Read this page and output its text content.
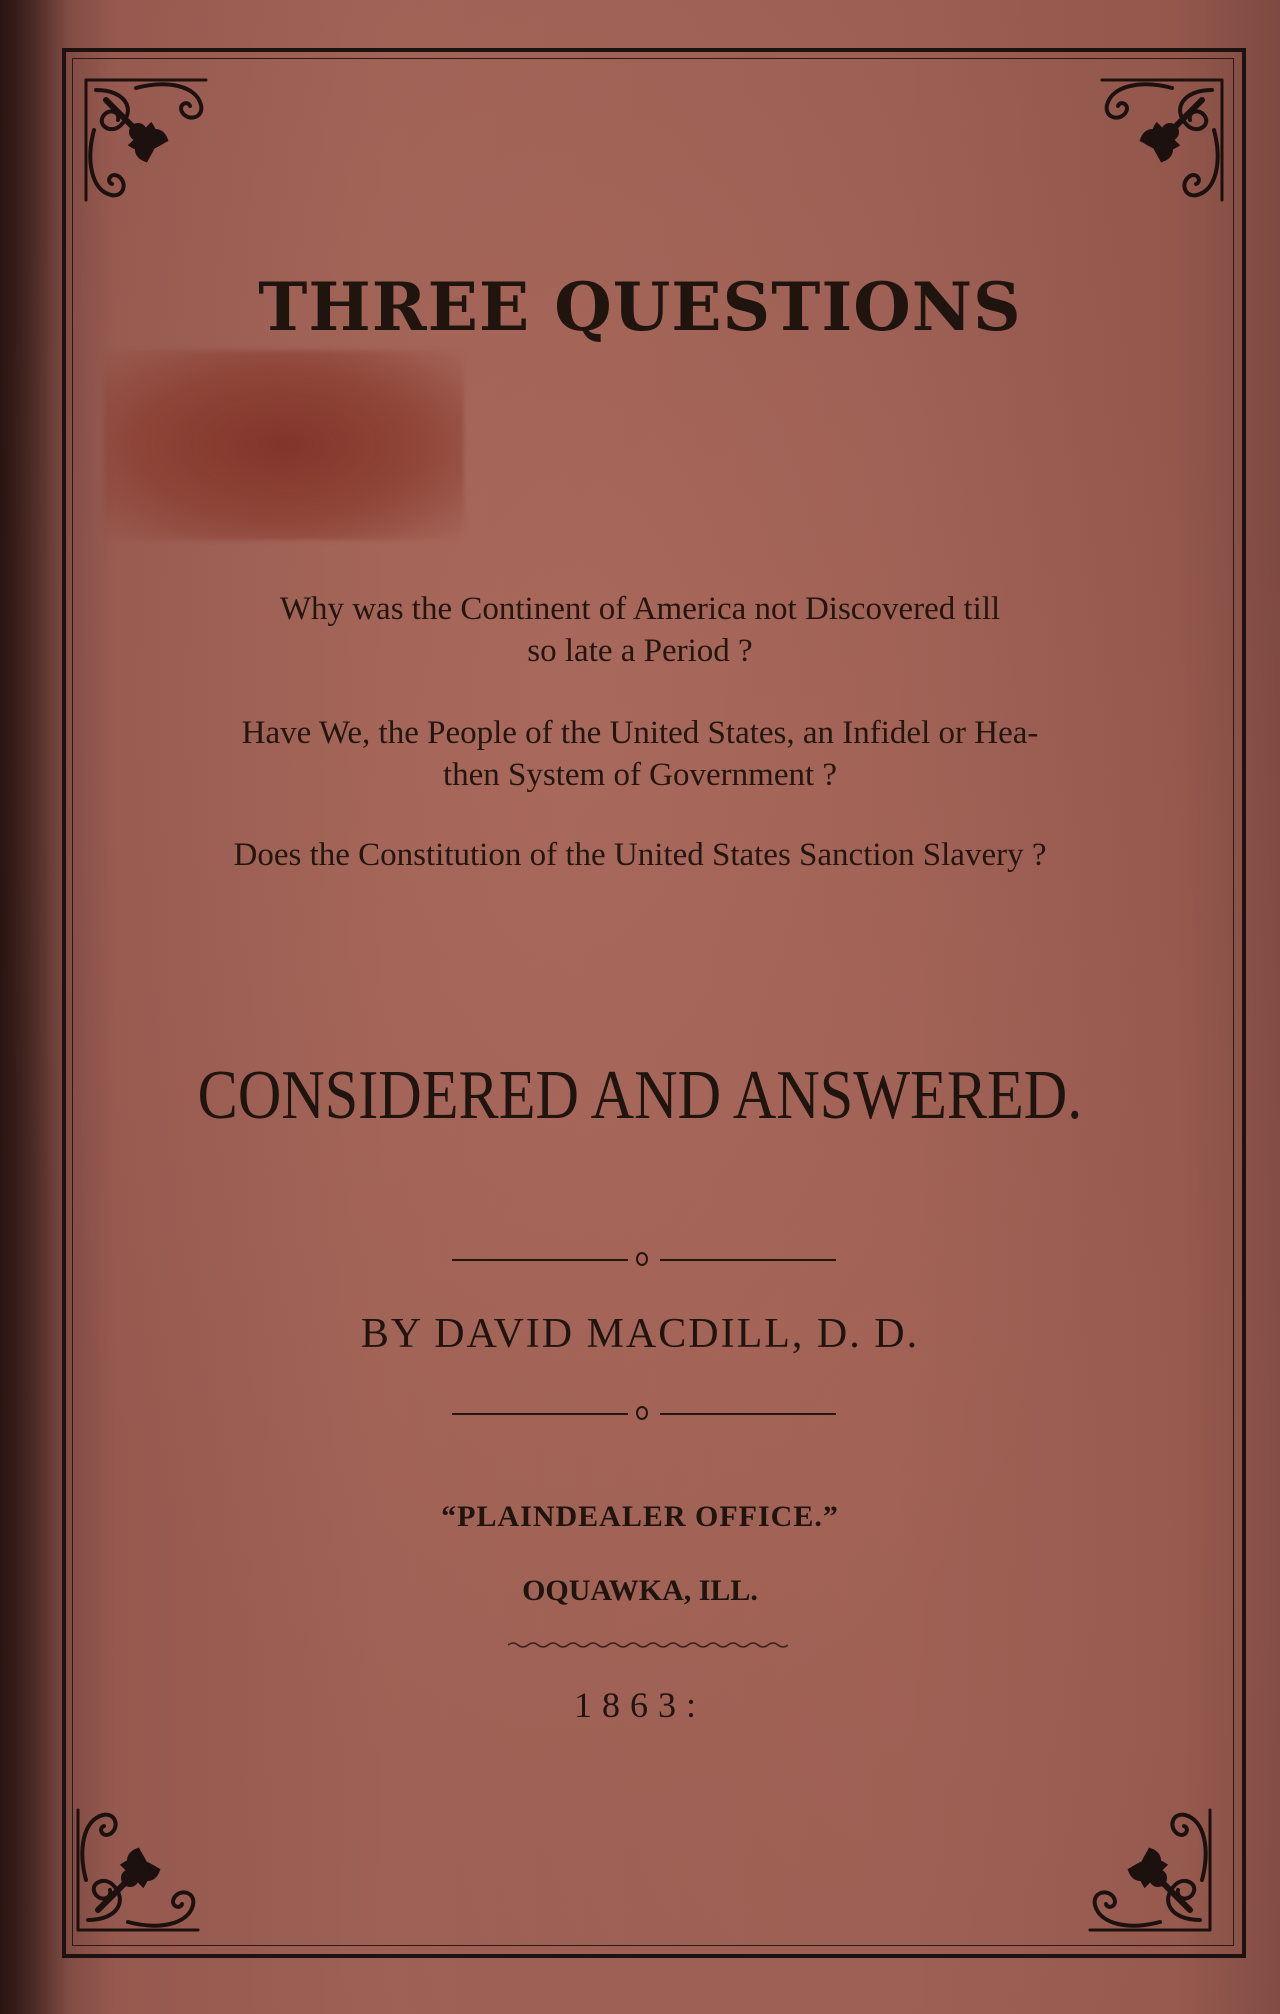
THREE QUESTIONS
Why was the Continent of America not Discovered till
so late a Period ?
Have We, the People of the United States, an Infidel or Hea-
then System of Government ?
Does the Constitution of the United States Sanction Slavery ?
CONSIDERED AND ANSWERED.
BY DAVID MACDILL, D. D.
“PLAINDEALER OFFICE.”
OQUAWKA, ILL.
1863:
